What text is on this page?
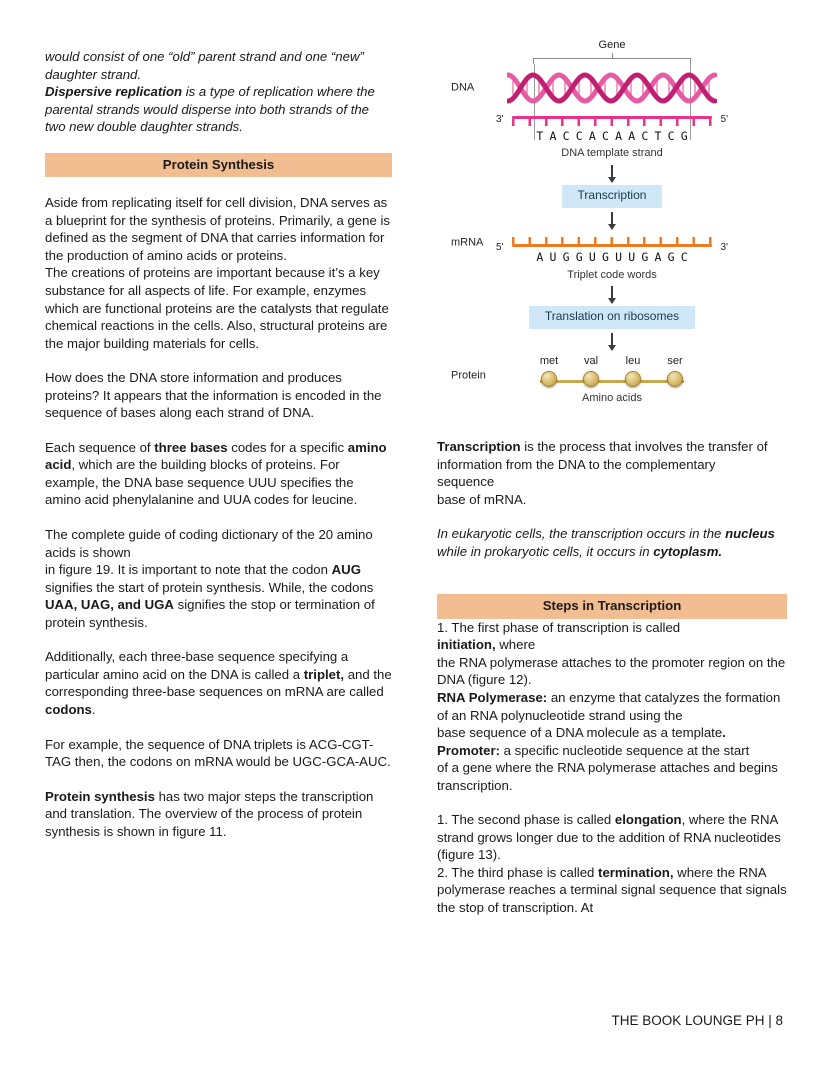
would consist of one “old” parent strand and one “new” daughter strand.

Dispersive replication is a type of replication where the parental strands would disperse into both strands of the two new double daughter strands.

Protein Synthesis

Aside from replicating itself for cell division, DNA serves as a blueprint for the synthesis of proteins. Primarily, a gene is defined as the segment of DNA that carries information for the production of amino acids or proteins.

The creations of proteins are important because it’s a key substance for all aspects of life. For example, enzymes which are functional proteins are the catalysts that regulate chemical reactions in the cells. Also, structural proteins are the major building materials for cells.

How does the DNA store information and produces proteins? It appears that the information is encoded in the sequence of bases along each strand of DNA.

Each sequence of three bases codes for a specific amino acid, which are the building blocks of proteins. For example, the DNA base sequence UUU specifies the amino acid phenylalanine and UUA codes for leucine.

The complete guide of coding dictionary of the 20 amino acids is shown
in figure 19. It is important to note that the codon AUG signifies the start of protein synthesis. While, the codons UAA, UAG, and UGA signifies the stop or termination of protein synthesis.

Additionally, each three-base sequence specifying a particular amino acid on the DNA is called a triplet, and the corresponding three-base sequences on mRNA are called codons.

For example, the sequence of DNA triplets is ACG-CGT-TAG then, the codons on mRNA would be UGC-GCA-AUC.

Protein synthesis has two major steps the transcription
and translation. The overview of the process of protein synthesis is shown in figure 11.

Gene
DNA
3'	5'
TACCACAACTCG
DNA template strand
Transcription
mRNA 5'	3'
AUGGUGUUGAGC
Triplet code words
Translation on ribosomes
Protein
met	val	leu	ser
Amino acids

Transcription is the process that involves the transfer of
information from the DNA to the complementary
sequence
base of mRNA.

In eukaryotic cells, the transcription occurs in the nucleus while in prokaryotic cells, it occurs in cytoplasm.

Steps in Transcription

1. The first phase of transcription is called
initiation, where
the RNA polymerase attaches to the promoter region on the
DNA (figure 12).

RNA Polymerase: an enzyme that catalyzes the formation of an RNA polynucleotide strand using the
base sequence of a DNA molecule as a template.

Promoter: a specific nucleotide sequence at the start
of a gene where the RNA polymerase attaches and begins transcription.

1. The second phase is called elongation, where the RNA strand grows longer due to the addition of RNA nucleotides (figure 13).

2. The third phase is called termination, where the RNA polymerase reaches a terminal signal sequence that signals the stop of transcription. At

THE BOOK LOUNGE PH | 8
